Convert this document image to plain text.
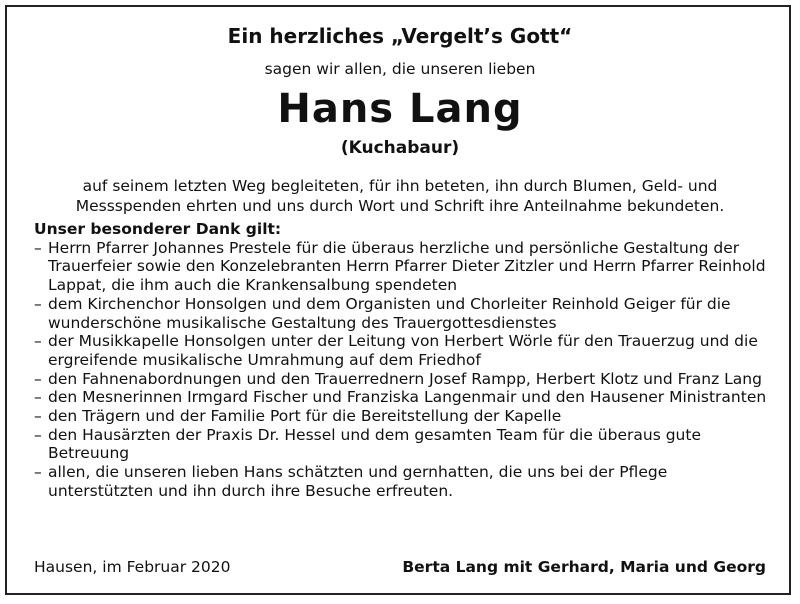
Ein herzliches „Vergelt’s Gott“
sagen wir allen, die unseren lieben
Hans Lang
(Kuchabaur)
auf seinem letzten Weg begleiteten, für ihn beteten, ihn durch Blumen, Geld- und Messspenden ehrten und uns durch Wort und Schrift ihre Anteilnahme bekundeten.
Unser besonderer Dank gilt:
– Herrn Pfarrer Johannes Prestele für die überaus herzliche und persönliche Gestaltung der Trauerfeier sowie den Konzelebranten Herrn Pfarrer Dieter Zitzler und Herrn Pfarrer Reinhold Lappat, die ihm auch die Krankensalbung spendeten
– dem Kirchenchor Honsolgen und dem Organisten und Chorleiter Reinhold Geiger für die wunderschöne musikalische Gestaltung des Trauergottesdienstes
– der Musikkapelle Honsolgen unter der Leitung von Herbert Wörle für den Trauerzug und die ergreifende musikalische Umrahmung auf dem Friedhof
– den Fahnenabordnungen und den Trauerrednern Josef Rampp, Herbert Klotz und Franz Lang
– den Mesnerinnen Irmgard Fischer und Franziska Langenmair und den Hausener Ministranten
– den Trägern und der Familie Port für die Bereitstellung der Kapelle
– den Hausärzten der Praxis Dr. Hessel und dem gesamten Team für die überaus gute Betreuung
– allen, die unseren lieben Hans schätzten und gernhatten, die uns bei der Pflege unterstützten und ihn durch ihre Besuche erfreuten.
Hausen, im Februar 2020	Berta Lang mit Gerhard, Maria und Georg
